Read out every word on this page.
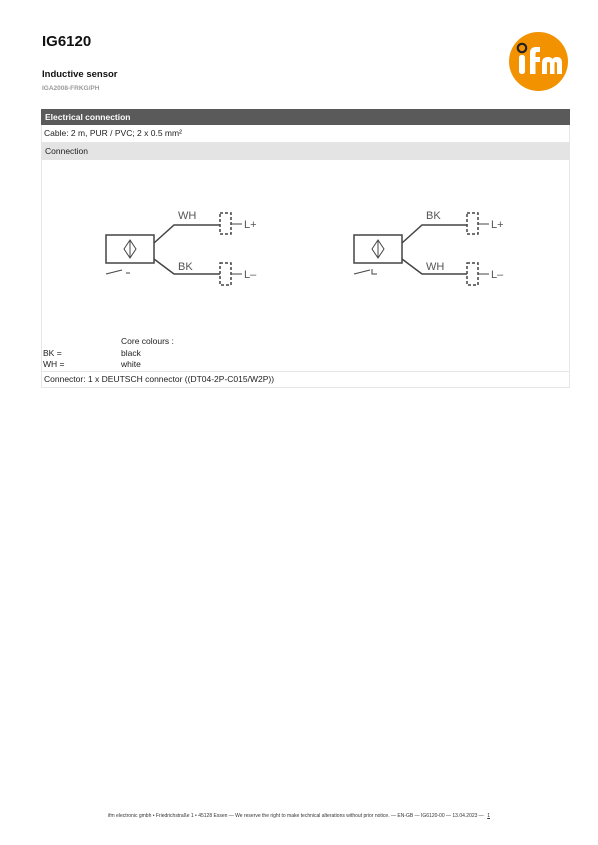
IG6120
Inductive sensor
IGA2008-FRKG/PH
Electrical connection
Cable: 2 m, PUR / PVC; 2 x 0.5 mm²
Connection
WH
BK
L+
L–
BK
WH
L+
L–
Core colours :
BK =	black
WH =	white
Connector: 1 x DEUTSCH connector ((DT04-2P-C015/W2P))
ifm electronic gmbh • Friedrichstraße 1 • 45128 Essen — We reserve the right to make technical alterations without prior notice. — EN-GB — IG6120-00 — 13.04.2023 — 1
